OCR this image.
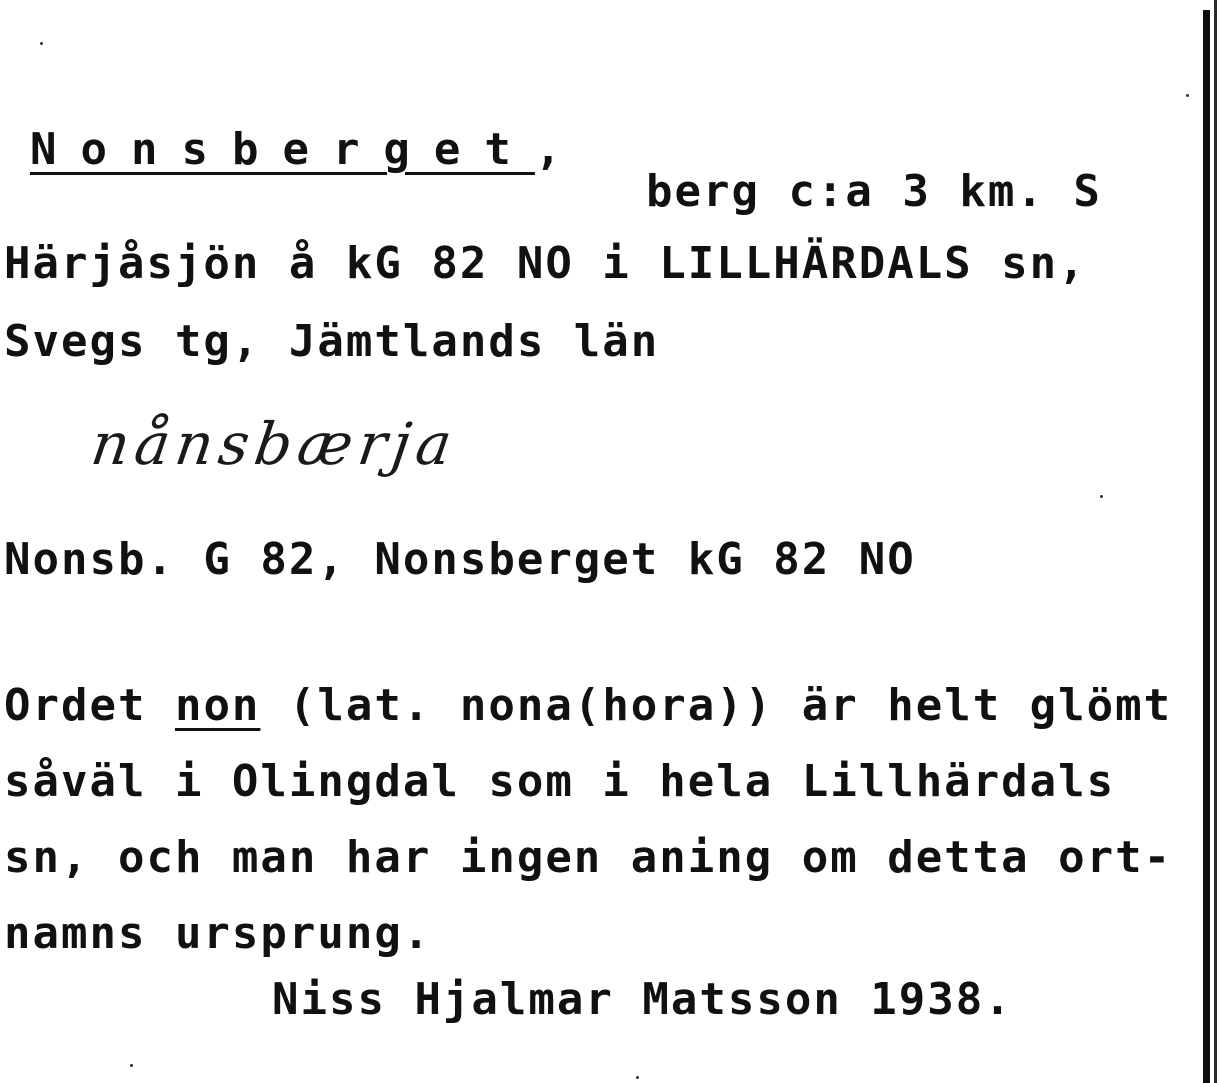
Nonsberget,
berg c:a 3 km. S
Härjåsjön å kG 82 NO i LILLHÄRDALS sn,
Svegs tg, Jämtlands län
nånsbærja
Nonsb. G 82, Nonsberget kG 82 NO
Ordet non (lat. nona(hora)) är helt glömt
såväl i Olingdal som i hela Lillhärdals
sn, och man har ingen aning om detta ort-
namns ursprung.
Niss Hjalmar Matsson 1938.
